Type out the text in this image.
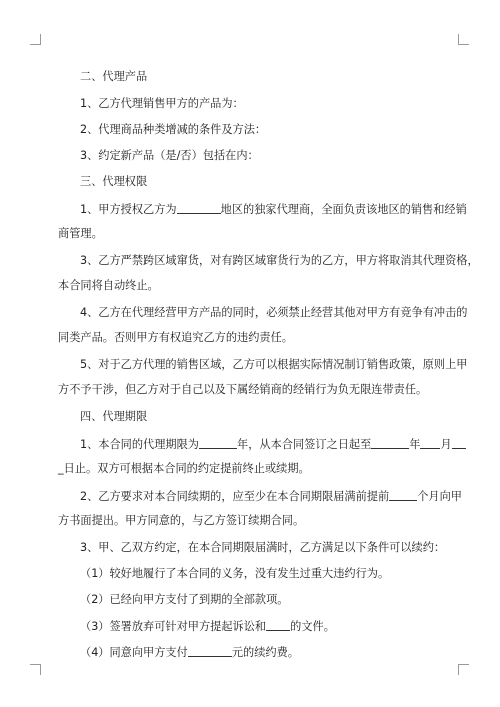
二、代理产品
1、乙方代理销售甲方的产品为：
2、代理商品种类增减的条件及方法：
3、约定新产品（是/否）包括在内：
三、代理权限
1、甲方授权乙方为	地区的独家代理商，全面负责该地区的销售和经销
商管理。
3、乙方严禁跨区域窜货，对有跨区域窜货行为的乙方，甲方将取消其代理资格，
本合同将自动终止。
4、乙方在代理经营甲方产品的同时，必须禁止经营其他对甲方有竞争有冲击的
同类产品。否则甲方有权追究乙方的违约责任。
5、对于乙方代理的销售区域，乙方可以根据实际情况制订销售政策，原则上甲
方不予干涉，但乙方对于自己以及下属经销商的经销行为负无限连带责任。
四、代理期限
1、本合同的代理期限为	年，从本合同签订之日起至	年 月
_日止。双方可根据本合同的约定提前终止或续期。
2、乙方要求对本合同续期的，应至少在本合同期限届满前提前	个月向甲
方书面提出。甲方同意的，与乙方签订续期合同。
3、甲、乙双方约定，在本合同期限届满时，乙方满足以下条件可以续约：
（1）较好地履行了本合同的义务，没有发生过重大违约行为。
（2）已经向甲方支付了到期的全部款项。
（3）签署放弃可针对甲方提起诉讼和 的文件。
（4）同意向甲方支付	元的续约费。
